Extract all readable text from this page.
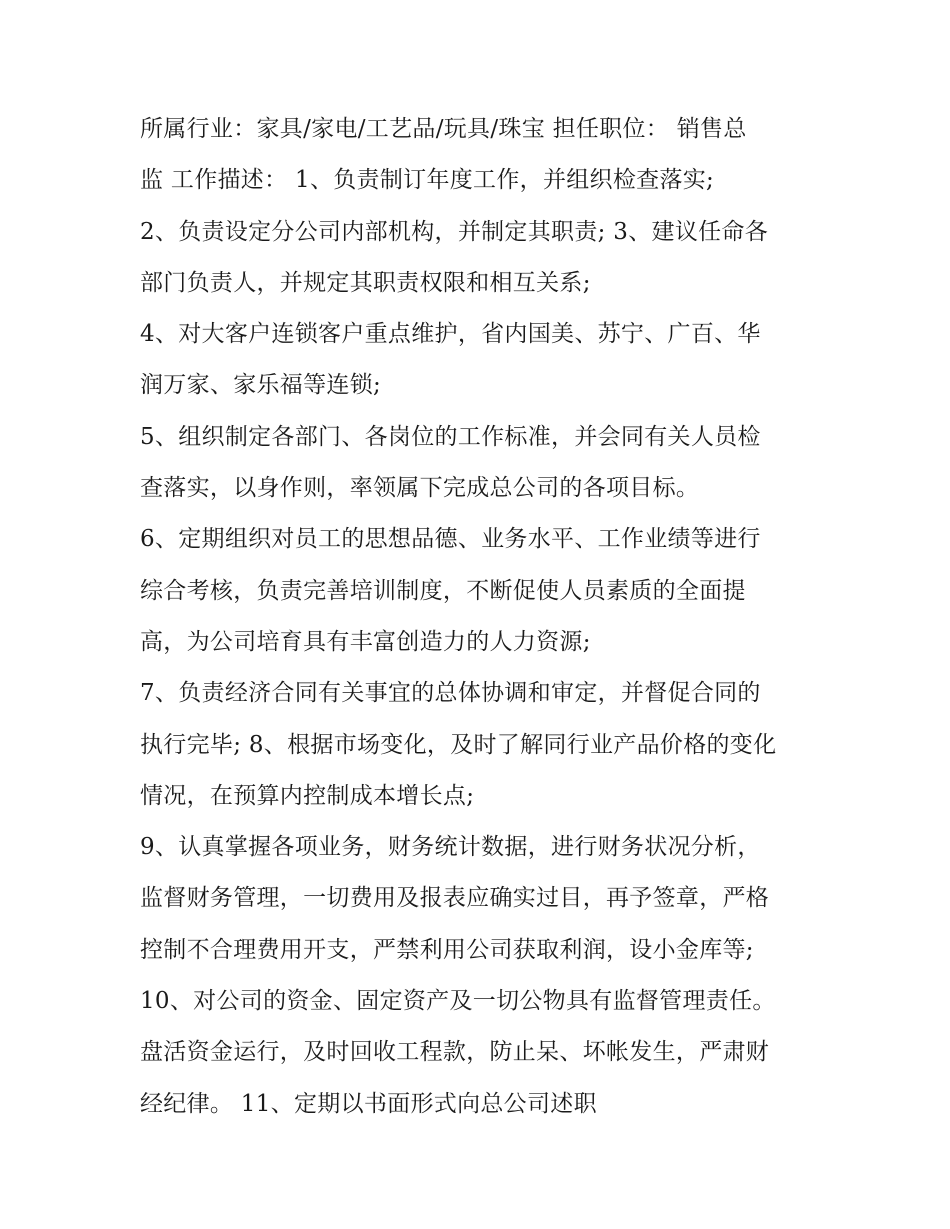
所属行业：家具/家电/工艺品/玩具/珠宝 担任职位： 销售总
监 工作描述： 1、负责制订年度工作，并组织检查落实;
2、负责设定分公司内部机构，并制定其职责; 3、建议任命各
部门负责人，并规定其职责权限和相互关系;
4、对大客户连锁客户重点维护，省内国美、苏宁、广百、华
润万家、家乐福等连锁;
5、组织制定各部门、各岗位的工作标准，并会同有关人员检
查落实，以身作则，率领属下完成总公司的各项目标。
6、定期组织对员工的思想品德、业务水平、工作业绩等进行
综合考核，负责完善培训制度，不断促使人员素质的全面提
高，为公司培育具有丰富创造力的人力资源;
7、负责经济合同有关事宜的总体协调和审定，并督促合同的
执行完毕; 8、根据市场变化，及时了解同行业产品价格的变化
情况，在预算内控制成本增长点;
9、认真掌握各项业务，财务统计数据，进行财务状况分析，
监督财务管理，一切费用及报表应确实过目，再予签章，严格
控制不合理费用开支，严禁利用公司获取利润，设小金库等;
10、对公司的资金、固定资产及一切公物具有监督管理责任。
盘活资金运行，及时回收工程款，防止呆、坏帐发生，严肃财
经纪律。 11、定期以书面形式向总公司述职
